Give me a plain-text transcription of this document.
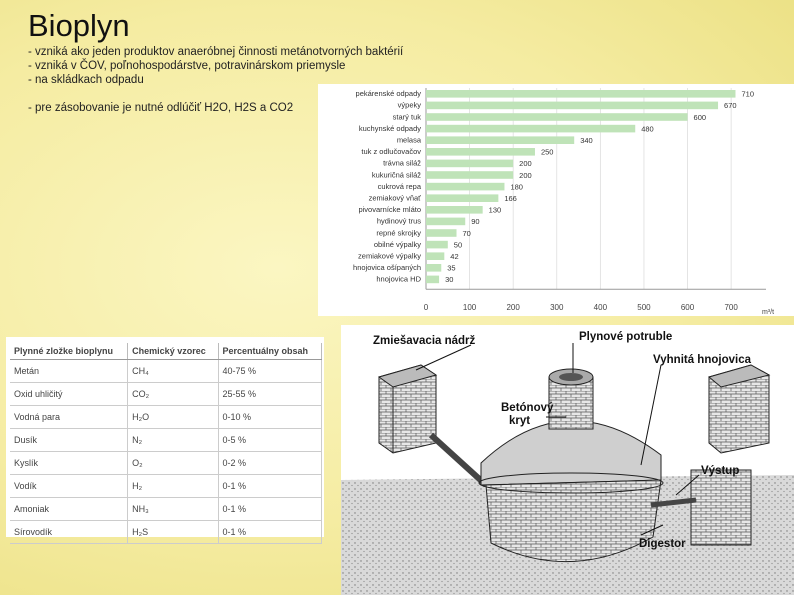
Bioplyn
- vzniká ako jeden produktov anaeróbnej činnosti metánotvorných baktérií
- vzniká v ČOV, poľnohospodárstve, potravinárskom priemysle
- na skládkach odpadu
- pre zásobovanie je nutné odlúčiť H2O, H2S a CO2
0	100	200	300	400	500	600	700
m³/t
pekárenské odpady	710
výpeky	670
starý tuk	600
kuchynské odpady	480
melasa	340
tuk z odlučovačov	250
trávna siláž	200
kukuričná siláž	200
cukrová repa	180
zemiakový vňať	166
pivovarnícke mláto	130
hydinový trus	90
repné skrojky	70
obilné výpalky	50
zemiakové výpalky	42
hnojovica ošípaných	35
hnojovica HD	30
Plynné zložke bioplynu	Chemický vzorec	Percentuálny obsah
Metán	CH₄	40-75 %
Oxid uhličitý	CO₂	25-55 %
Vodná para	H₂O	0-10 %
Dusík	N₂	0-5 %
Kyslík	O₂	0-2 %
Vodík	H₂	0-1 %
Amoniak	NH₃	0-1 %
Sírovodík	H₂S	0-1 %
Zmiešavacia nádrž	Plynové potruble
Vyhnitá hnojovica
Betónový kryt
Výstup
Digestor
